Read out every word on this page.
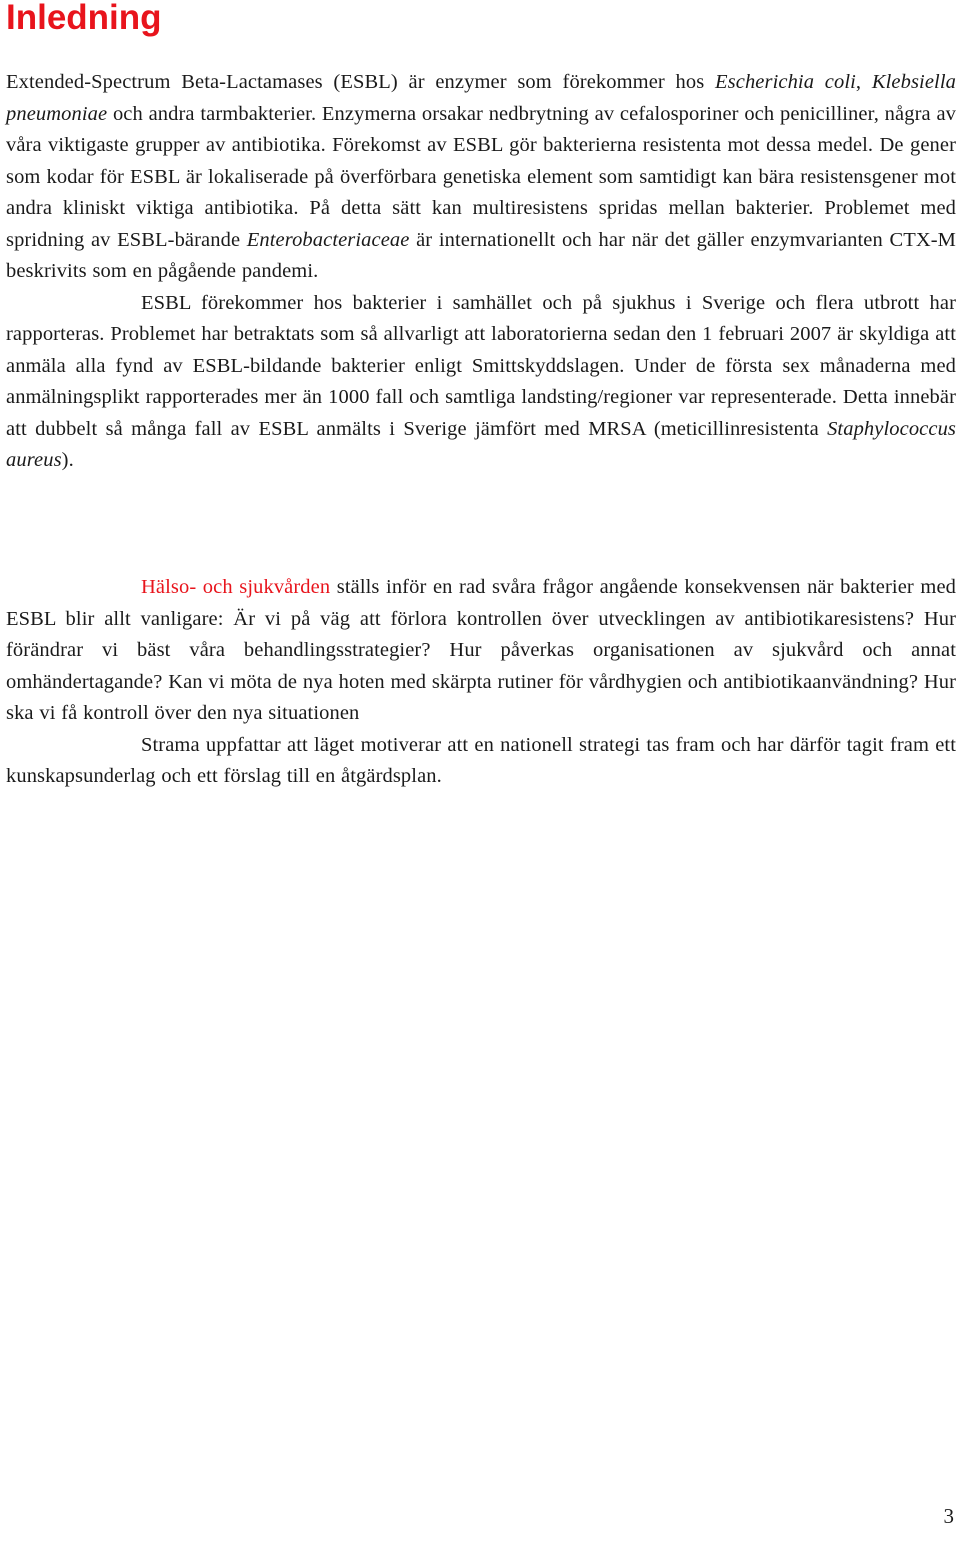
Inledning

Extended-Spectrum Beta-Lactamases (ESBL) är enzymer som förekommer hos Escherichia coli, Klebsiella pneumoniae och andra tarmbakterier. Enzymerna orsakar nedbrytning av cefalosporiner och penicilliner, några av våra viktigaste grupper av antibiotika. Förekomst av ESBL gör bakterierna resistenta mot dessa medel. De gener som kodar för ESBL är lokaliserade på överförbara genetiska element som samtidigt kan bära resistensgener mot andra kliniskt viktiga antibiotika. På detta sätt kan multiresistens spridas mellan bakterier. Problemet med spridning av ESBL-bärande Enterobacteriaceae är internationellt och har när det gäller enzymvarianten CTX-M beskrivits som en pågående pandemi.
ESBL förekommer hos bakterier i samhället och på sjukhus i Sverige och flera utbrott har rapporteras. Problemet har betraktats som så allvarligt att laboratorierna sedan den 1 februari 2007 är skyldiga att anmäla alla fynd av ESBL-bildande bakterier enligt Smittskyddslagen. Under de första sex månaderna med anmälningsplikt rapporterades mer än 1000 fall och samtliga landsting/regioner var representerade. Detta innebär att dubbelt så många fall av ESBL anmälts i Sverige jämfört med MRSA (meticillinresistenta Staphylococcus aureus).

Hälso- och sjukvården ställs inför en rad svåra frågor angående konsekvensen när bakterier med ESBL blir allt vanligare: Är vi på väg att förlora kontrollen över utvecklingen av antibiotikaresistens? Hur förändrar vi bäst våra behandlingsstrategier? Hur påverkas organisationen av sjukvård och annat omhändertagande? Kan vi möta de nya hoten med skärpta rutiner för vårdhygien och antibiotikaanvändning? Hur ska vi få kontroll över den nya situationen
Strama uppfattar att läget motiverar att en nationell strategi tas fram och har därför tagit fram ett kunskapsunderlag och ett förslag till en åtgärdsplan.

3
